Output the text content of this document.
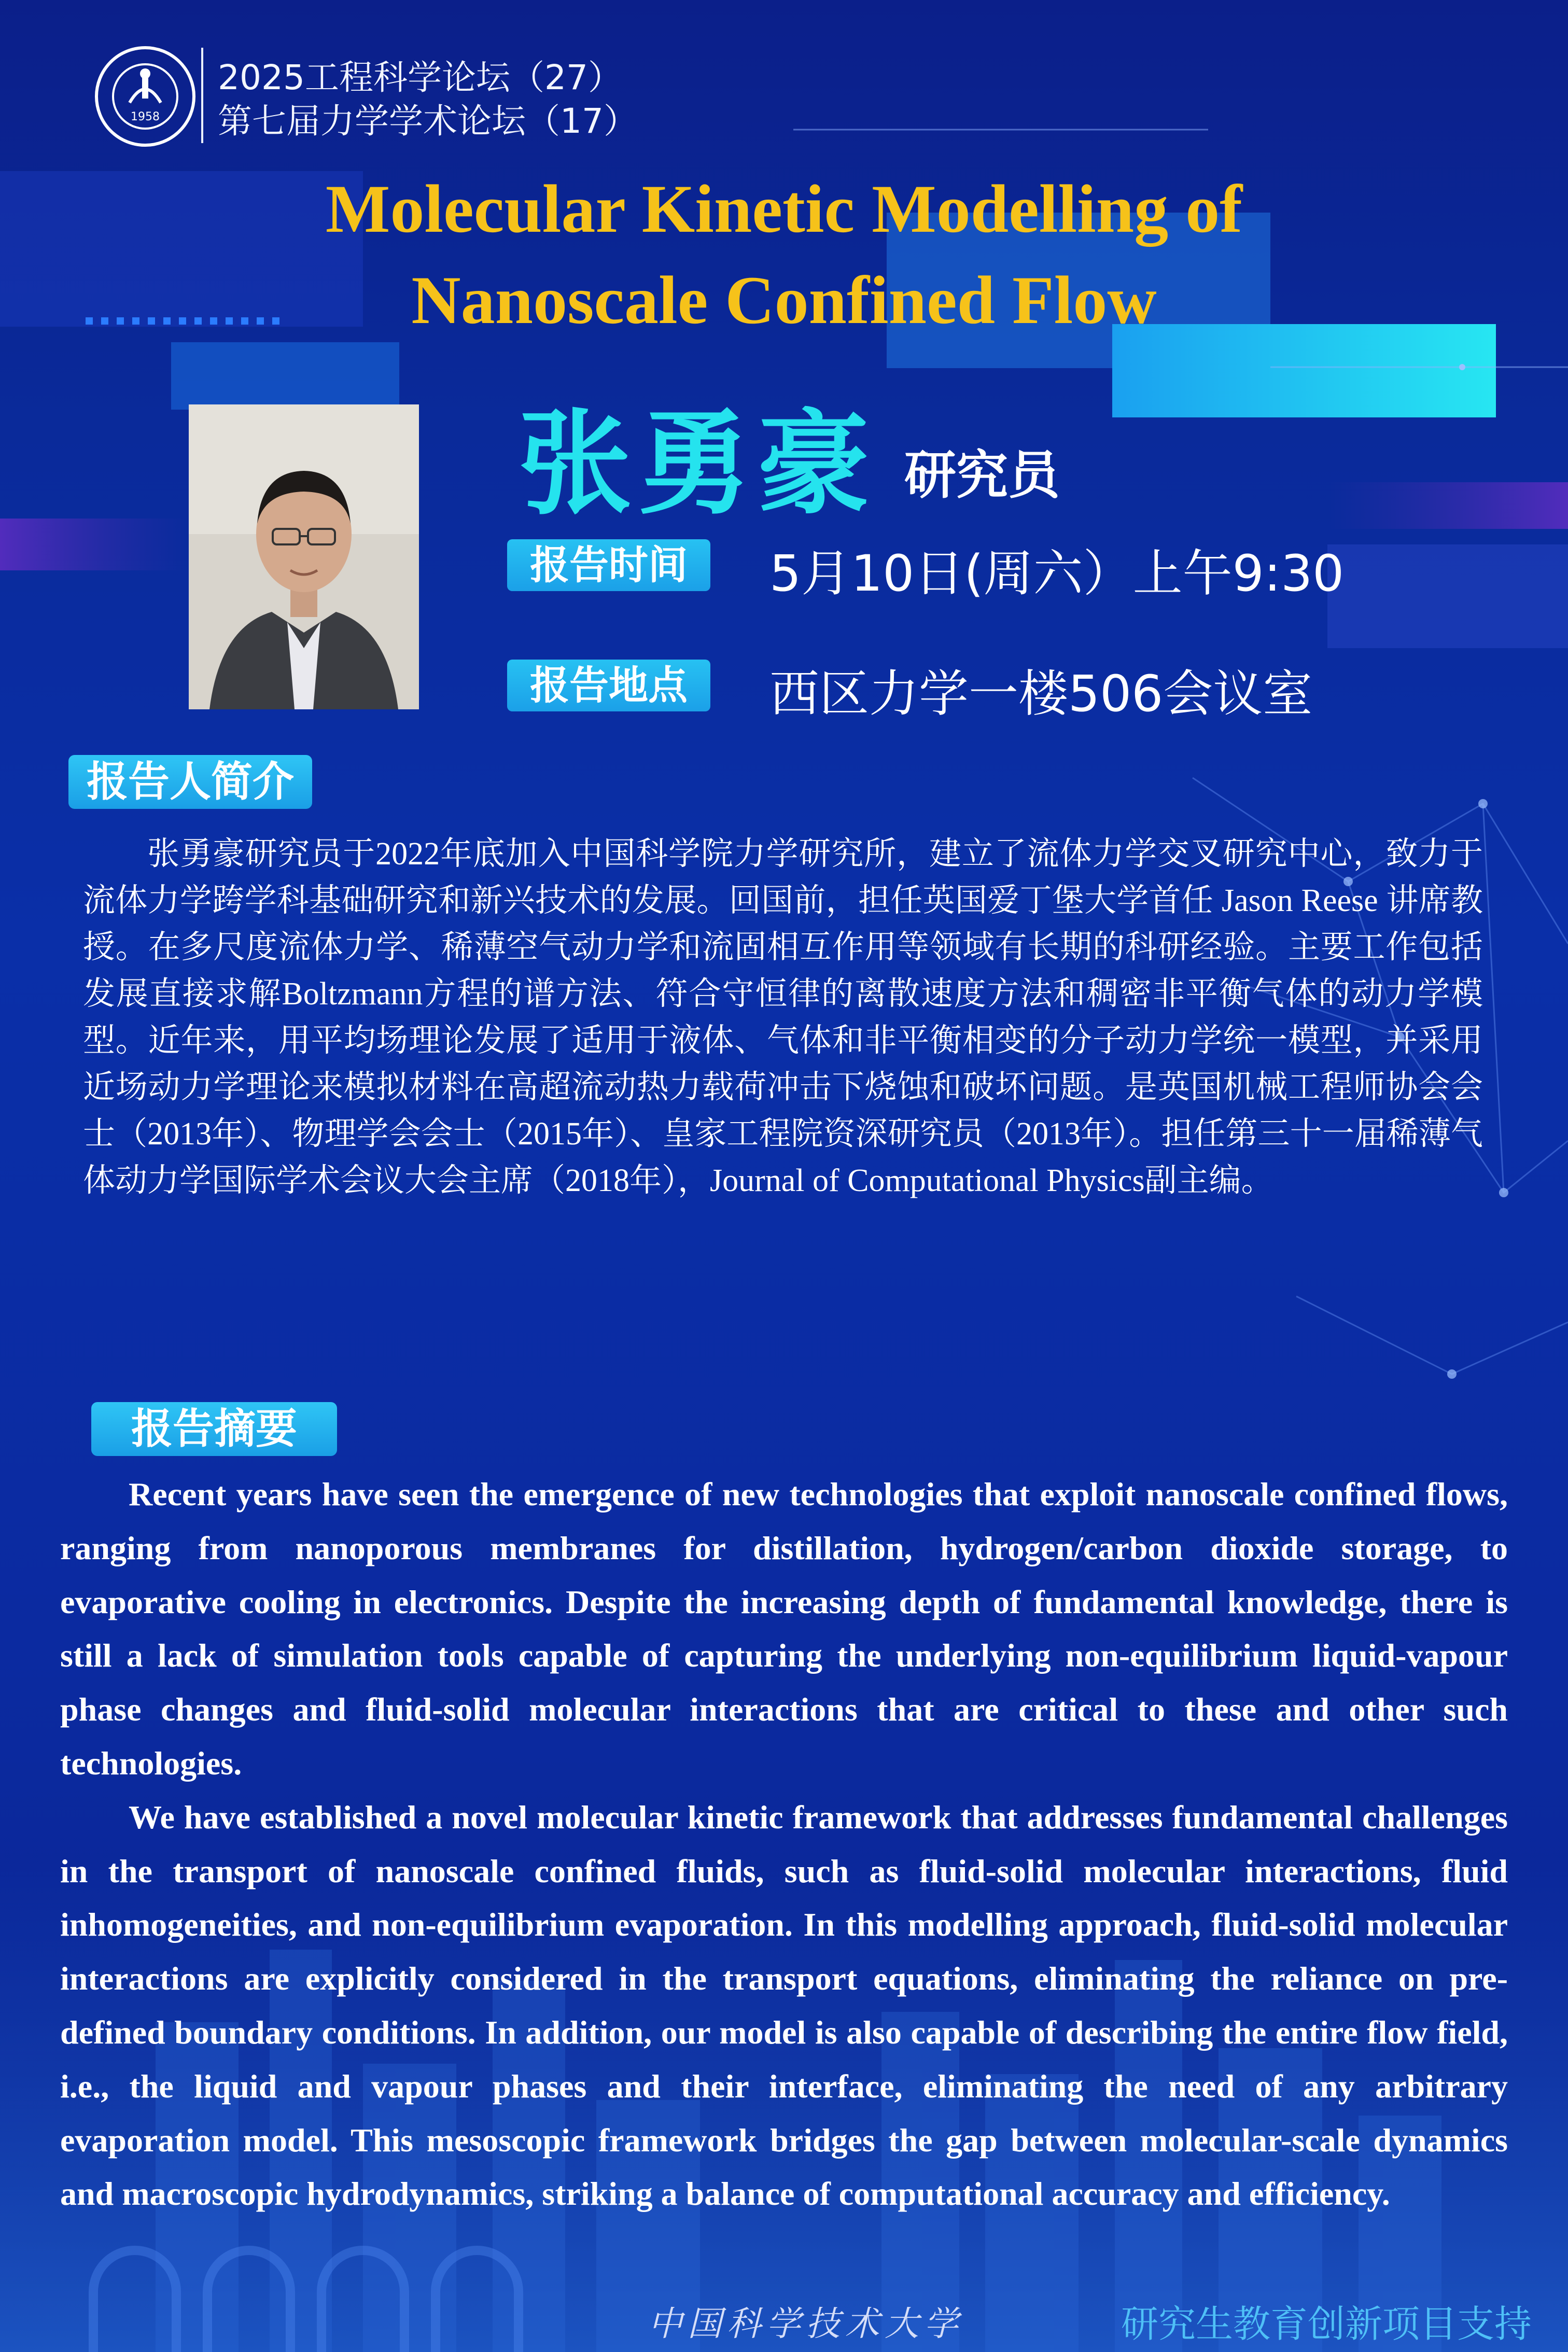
1958
2025工程科学论坛（27）
第七届力学学术论坛（17）
Molecular Kinetic Modelling of
Nanoscale Confined Flow
张勇豪 研究员
报告时间	5月10日(周六）上午9:30
报告地点	西区力学一楼506会议室
报告人简介

张勇豪研究员于2022年底加入中国科学院力学研究所，建立了流体力学交叉研究中心，致力于流体力学跨学科基础研究和新兴技术的发展。回国前，担任英国爱丁堡大学首任 Jason Reese 讲席教授。在多尺度流体力学、稀薄空气动力学和流固相互作用等领域有长期的科研经验。主要工作包括发展直接求解Boltzmann方程的谱方法、符合守恒律的离散速度方法和稠密非平衡气体的动力学模型。近年来，用平均场理论发展了适用于液体、气体和非平衡相变的分子动力学统一模型，并采用近场动力学理论来模拟材料在高超流动热力载荷冲击下烧蚀和破坏问题。是英国机械工程师协会会士（2013年）、物理学会会士（2015年）、皇家工程院资深研究员（2013年）。担任第三十一届稀薄气体动力学国际学术会议大会主席（2018年），Journal of Computational Physics副主编。

报告摘要

Recent years have seen the emergence of new technologies that exploit nanoscale confined flows, ranging from nanoporous membranes for distillation, hydrogen/carbon dioxide storage, to evaporative cooling in electronics. Despite the increasing depth of fundamental knowledge, there is still a lack of simulation tools capable of capturing the underlying non-equilibrium liquid-vapour phase changes and fluid-solid molecular interactions that are critical to these and other such technologies.

We have established a novel molecular kinetic framework that addresses fundamental challenges in the transport of nanoscale confined fluids, such as fluid-solid molecular interactions, fluid inhomogeneities, and non-equilibrium evaporation. In this modelling approach, fluid-solid molecular interactions are explicitly considered in the transport equations, eliminating the reliance on pre-defined boundary conditions. In addition, our model is also capable of describing the entire flow field, i.e., the liquid and vapour phases and their interface, eliminating the need of any arbitrary evaporation model. This mesoscopic framework bridges the gap between molecular-scale dynamics and macroscopic hydrodynamics, striking a balance of computational accuracy and efficiency.

中国科学技术大学	研究生教育创新项目支持
